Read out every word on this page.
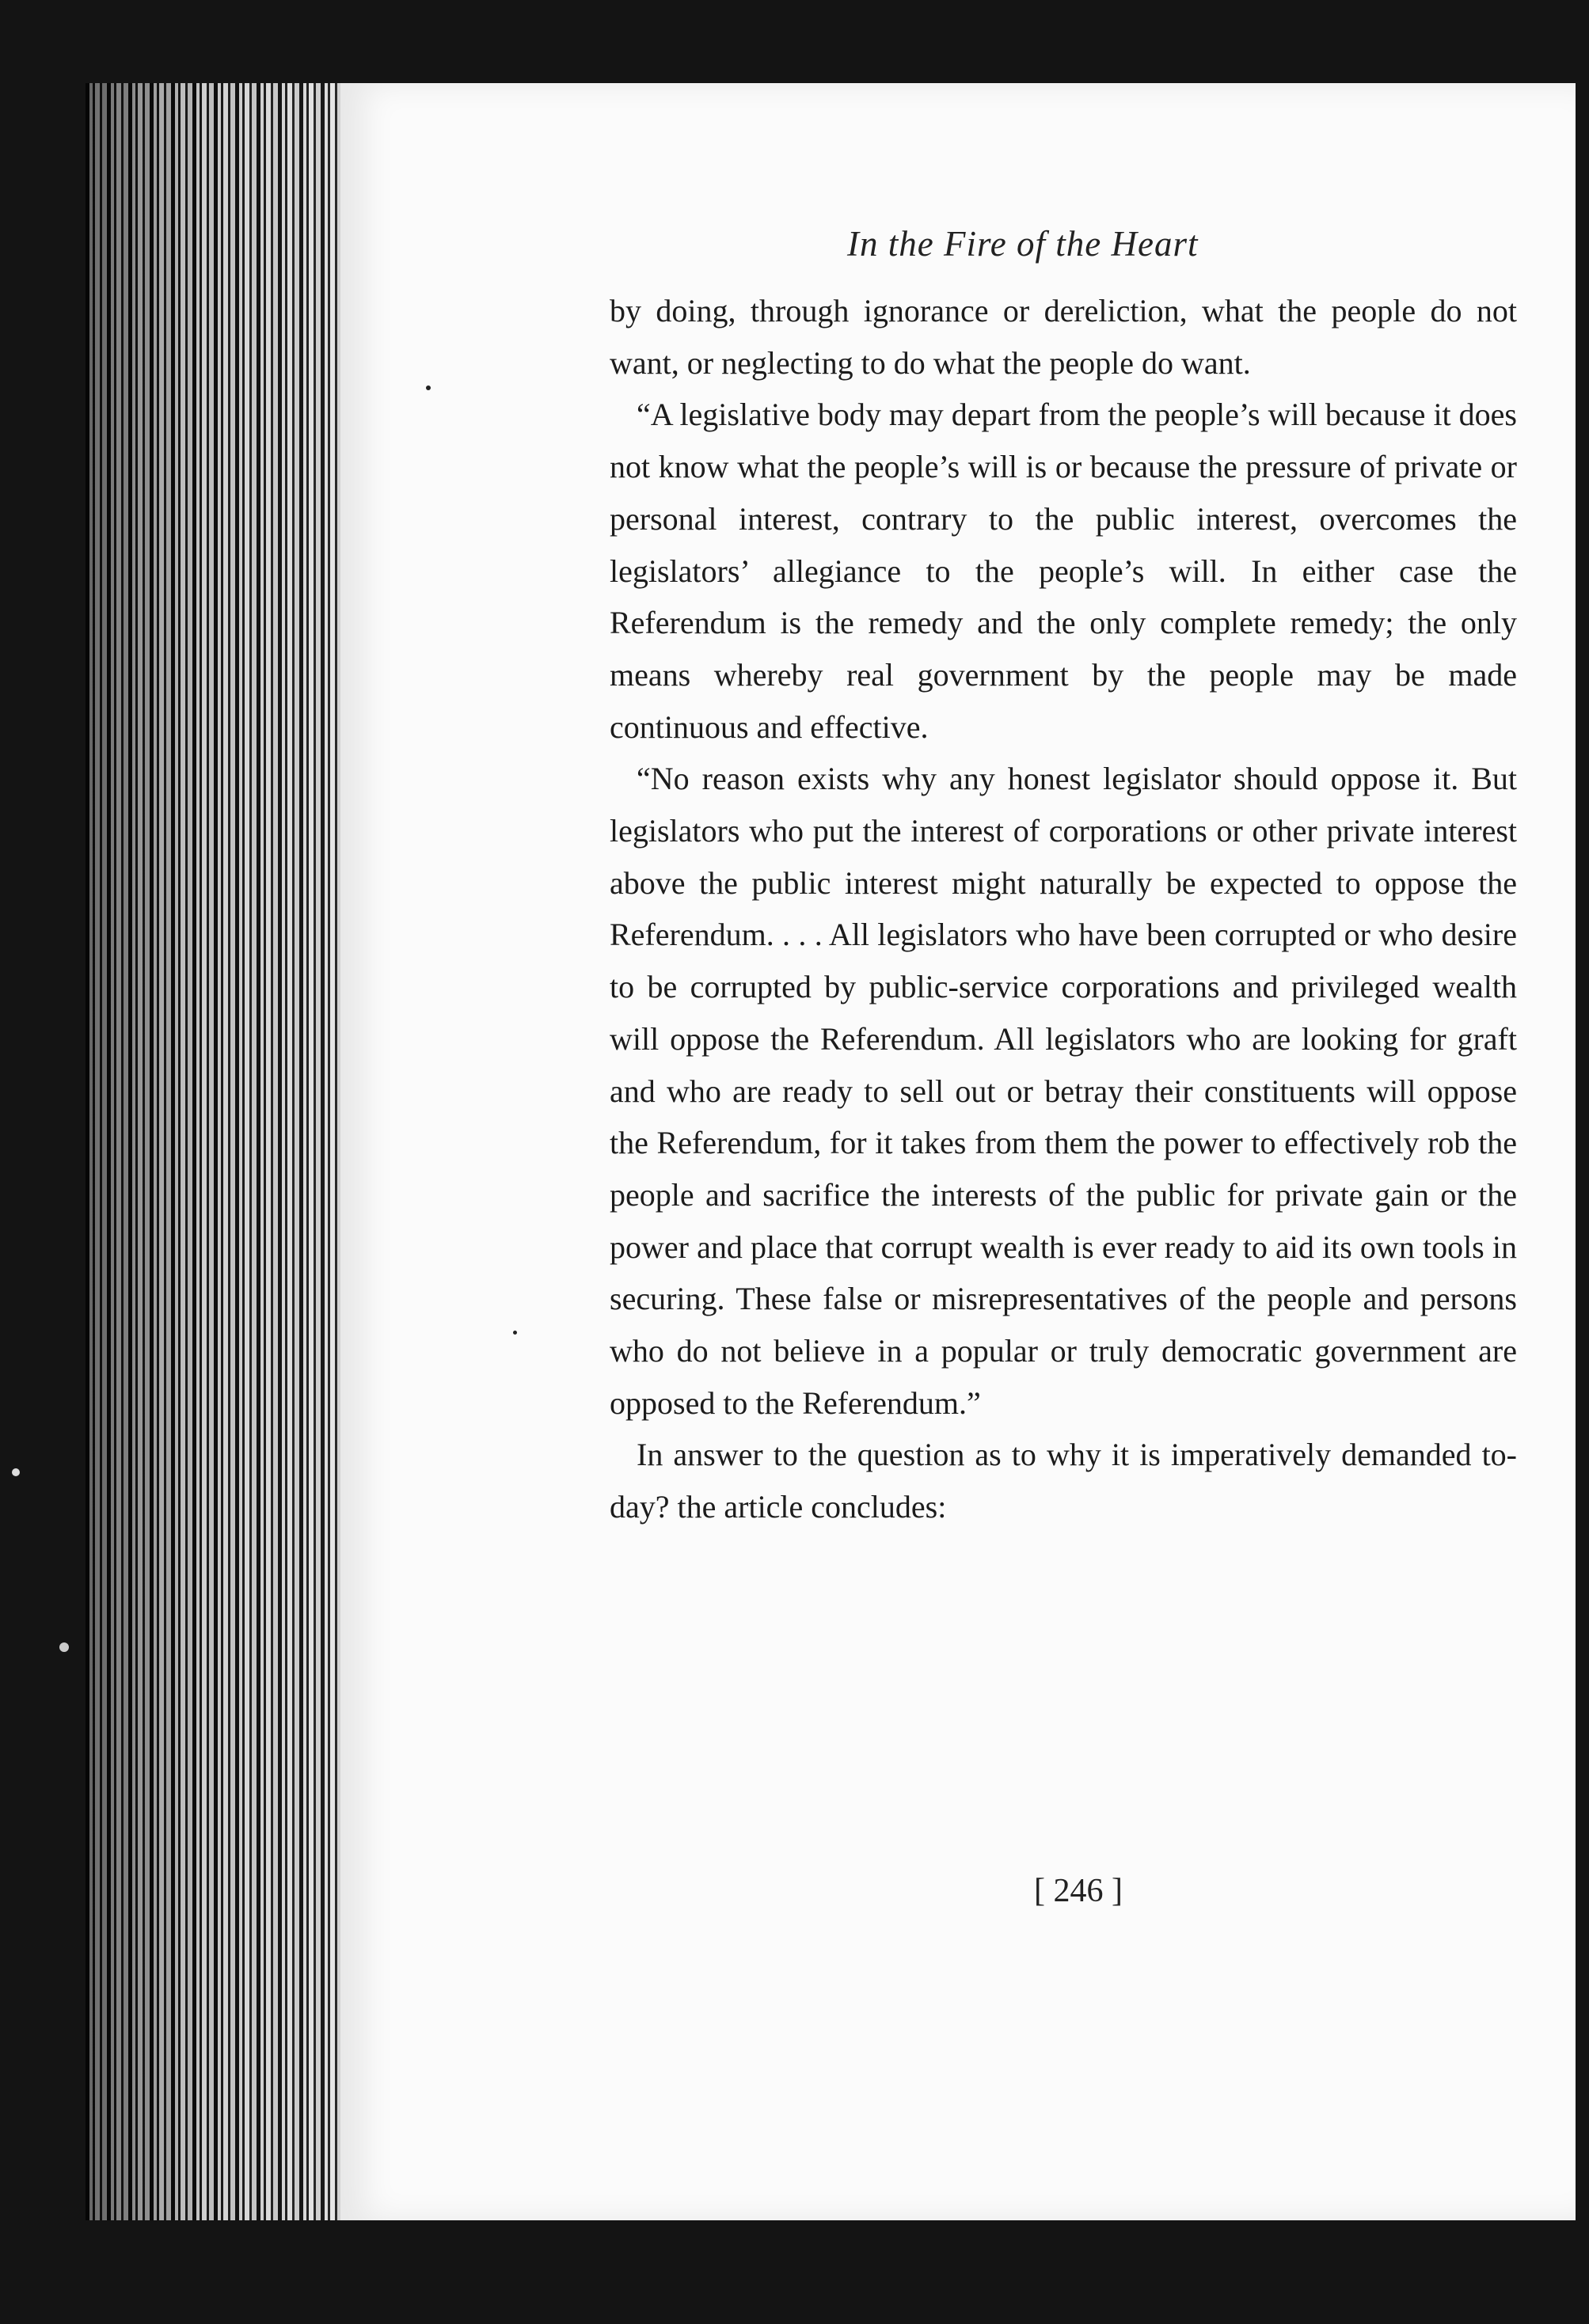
In the Fire of the Heart

by doing, through ignorance or dereliction, what the people do not want, or neglecting to do what the people do want.

“A legislative body may depart from the people’s will because it does not know what the people’s will is or because the pressure of private or personal interest, contrary to the public interest, overcomes the legislators’ allegiance to the people’s will. In either case the Referendum is the remedy and the only complete remedy; the only means whereby real government by the people may be made continuous and effective.

“No reason exists why any honest legislator should oppose it. But legislators who put the interest of corporations or other private interest above the public interest might naturally be expected to oppose the Referendum. . . . All legislators who have been corrupted or who desire to be corrupted by public-service corporations and privileged wealth will oppose the Referendum. All legislators who are looking for graft and who are ready to sell out or betray their constituents will oppose the Referendum, for it takes from them the power to effectively rob the people and sacrifice the interests of the public for private gain or the power and place that corrupt wealth is ever ready to aid its own tools in securing. These false or misrepresentatives of the people and persons who do not believe in a popular or truly democratic government are opposed to the Referendum.”

In answer to the question as to why it is imperatively demanded to-day? the article concludes:

[ 246 ]
